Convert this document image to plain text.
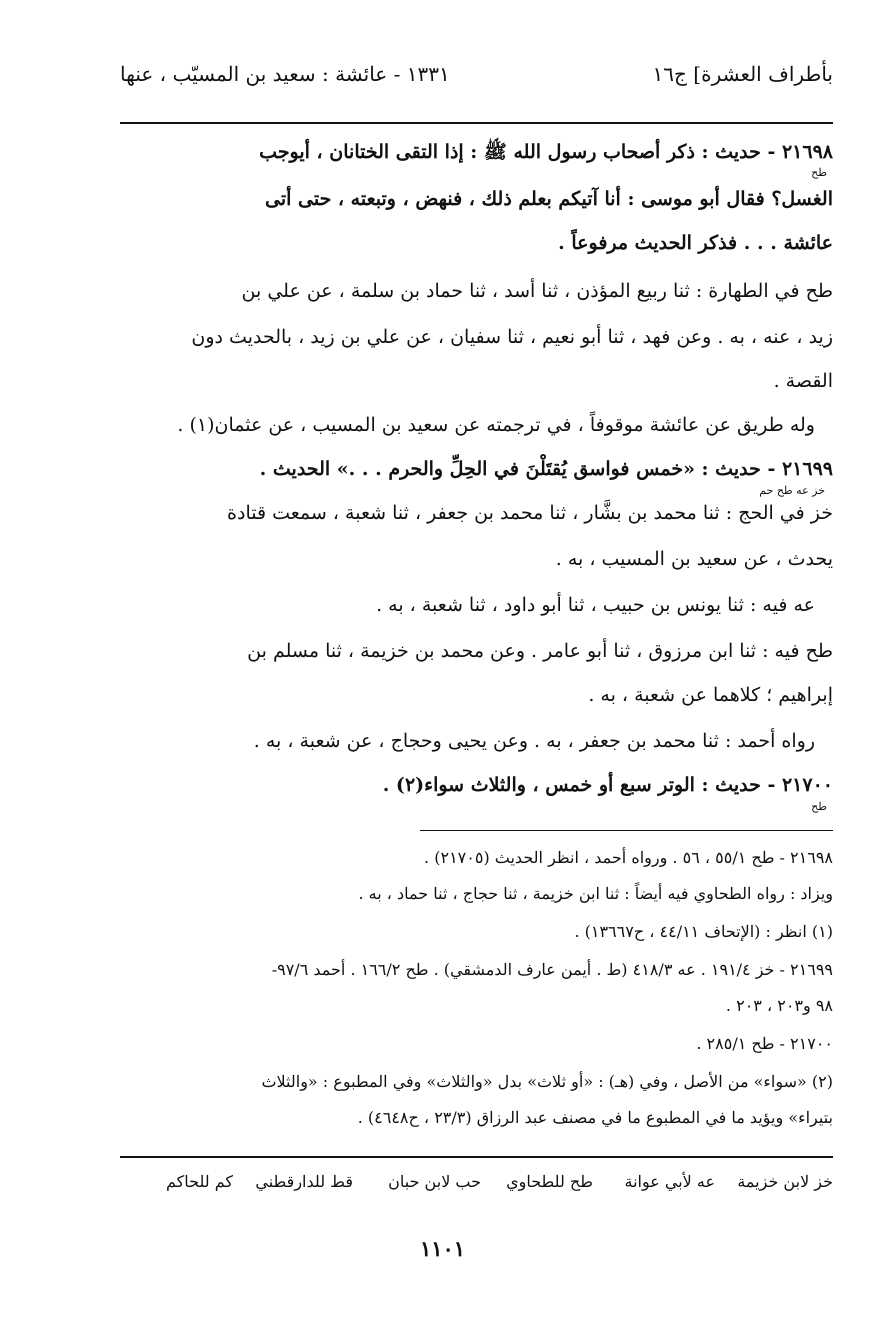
بأطراف العشرة] ج١٦
١٣٣١ - عائشة : سعيد بن المسيّب ، عنها
٢١٦٩٨ - حديث : ذكر أصحاب رسول الله ﷺ : إذا التقى الختانان ، أيوجب
طح
الغسل؟ فقال أبو موسى : أنا آتيكم بعلم ذلك ، فنهض ، وتبعته ، حتى أتى
عائشة . . . فذكر الحديث مرفوعاً .
طح في الطهارة : ثنا ربيع المؤذن ، ثنا أسد ، ثنا حماد بن سلمة ، عن علي بن
زيد ، عنه ، به . وعن فهد ، ثنا أبو نعيم ، ثنا سفيان ، عن علي بن زيد ، بالحديث دون
القصة .
وله طريق عن عائشة موقوفاً ، في ترجمته عن سعيد بن المسيب ، عن عثمان(١) .
٢١٦٩٩ - حديث : «خمس فواسق يُقتَلْنَ في الحِلِّ والحرم . . .» الحديث .
خز عه طح حم
خز في الحج : ثنا محمد بن بشَّار ، ثنا محمد بن جعفر ، ثنا شعبة ، سمعت قتادة
يحدث ، عن سعيد بن المسيب ، به .
عه فيه : ثنا يونس بن حبيب ، ثنا أبو داود ، ثنا شعبة ، به .
طح فيه : ثنا ابن مرزوق ، ثنا أبو عامر . وعن محمد بن خزيمة ، ثنا مسلم بن
إبراهيم ؛ كلاهما عن شعبة ، به .
رواه أحمد : ثنا محمد بن جعفر ، به . وعن يحيى وحجاج ، عن شعبة ، به .
٢١٧٠٠ - حديث : الوتر سبع أو خمس ، والثلاث سواء(٢) .
طح
٢١٦٩٨ - طح ٥٥/١ ، ٥٦ . ورواه أحمد ، انظر الحديث (٢١٧٠٥) .
ويزاد : رواه الطحاوي فيه أيضاً : ثنا ابن خزيمة ، ثنا حجاج ، ثنا حماد ، به .
(١) انظر : (الإتحاف ٤٤/١١ ، ح١٣٦٦٧) .
٢١٦٩٩ - خز ١٩١/٤ . عه ٤١٨/٣ (ط . أيمن عارف الدمشقي) . طح ١٦٦/٢ . أحمد ٩٧/٦-
٩٨ و٢٠٣ ، ٢٠٣ .
٢١٧٠٠ - طح ٢٨٥/١ .
(٢) «سواء» من الأصل ، وفي (هـ) : «أو ثلاث» بدل «والثلاث» وفي المطبوع : «والثلاث
بتيراء» ويؤيد ما في المطبوع ما في مصنف عبد الرزاق (٢٣/٣ ، ح٤٦٤٨) .
خز لابن خزيمة
عه لأبي عوانة
طح للطحاوي
حب لابن حبان
قط للدارقطني
كم للحاكم
١١٠١
